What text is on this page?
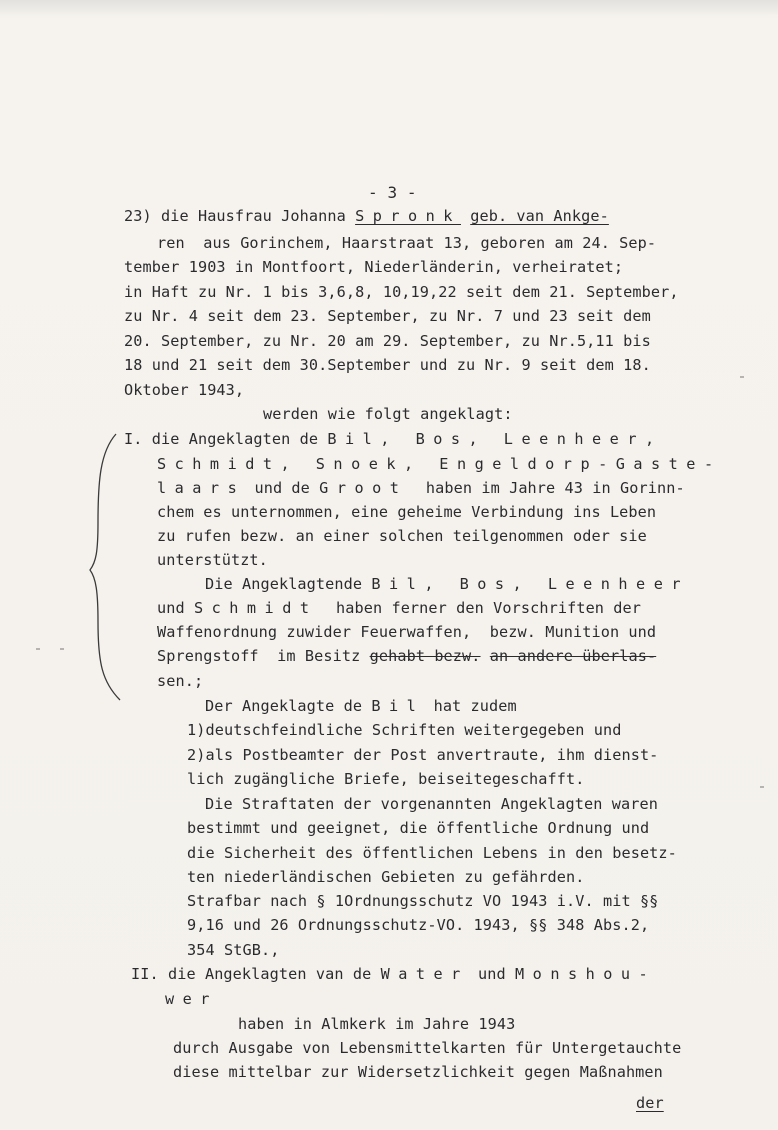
- 3 -
23) die Hausfrau Johanna Spronk geb. van Ankge-
ren  aus Gorinchem, Haarstraat 13, geboren am 24. Sep-
tember 1903 in Montfoort, Niederländerin, verheiratet;
in Haft zu Nr. 1 bis 3,6,8, 10,19,22 seit dem 21. September,
zu Nr. 4 seit dem 23. September, zu Nr. 7 und 23 seit dem
20. September, zu Nr. 20 am 29. September, zu Nr.5,11 bis
18 und 21 seit dem 30.September und zu Nr. 9 seit dem 18.
Oktober 1943,
werden wie folgt angeklagt:
I. die Angeklagten de Bil, Bos, Leenheer,
Schmidt, Snoek, Engeldorp-Gaste-
laars und de Groot  haben im Jahre 43 in Gorinn-
chem es unternommen, eine geheime Verbindung ins Leben
zu rufen bezw. an einer solchen teilgenommen oder sie
unterstützt.
Die Angeklagtende Bil, Bos, Leenheer
und Schmidt  haben ferner den Vorschriften der
Waffenordnung zuwider Feuerwaffen,  bezw. Munition und
Sprengstoff  im Besitz gehabt bezw. an andere überlas-
sen.;
Der Angeklagte de Bil hat zudem
1)deutschfeindliche Schriften weitergegeben und
2)als Postbeamter der Post anvertraute, ihm dienst-
lich zugängliche Briefe, beiseitegeschafft.
Die Straftaten der vorgenannten Angeklagten waren
bestimmt und geeignet, die öffentliche Ordnung und
die Sicherheit des öffentlichen Lebens in den besetz-
ten niederländischen Gebieten zu gefährden.
Strafbar nach § 1Ordnungsschutz VO 1943 i.V. mit §§
9,16 und 26 Ordnungsschutz-VO. 1943, §§ 348 Abs.2,
354 StGB.,
II. die Angeklagten van de Water und Monshou-
wer
haben in Almkerk im Jahre 1943
durch Ausgabe von Lebensmittelkarten für Untergetauchte
diese mittelbar zur Widersetzlichkeit gegen Maßnahmen
der
